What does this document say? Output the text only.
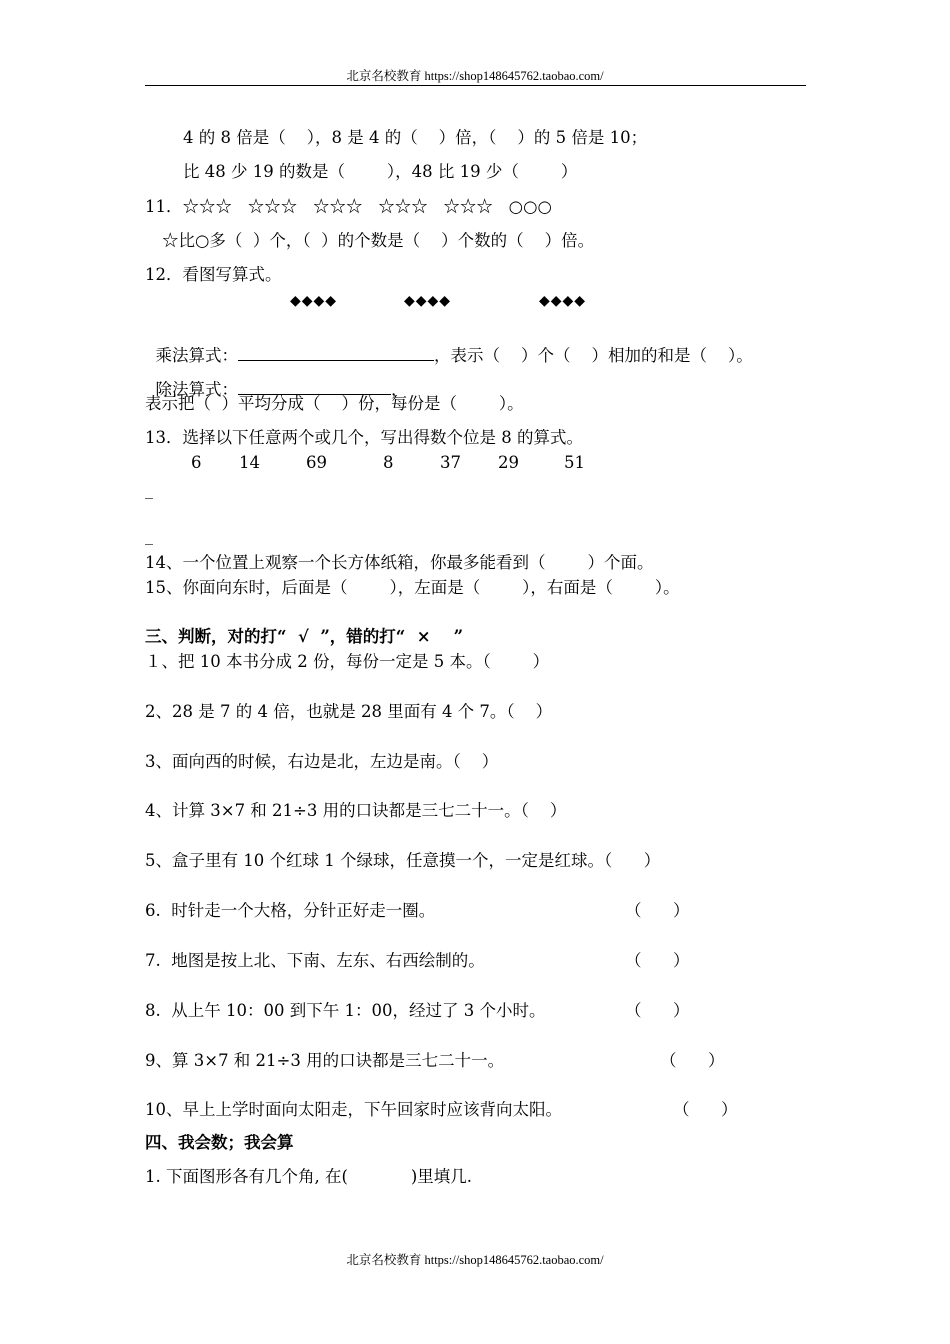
北京名校教育 https://shop148645762.taobao.com/
4 的 8 倍是（    ），8 是 4 的（    ）倍，（    ）的 5 倍是 10；
比 48 少 19 的数是（        ），48 比 19 少（        ）
11．☆☆☆   ☆☆☆   ☆☆☆   ☆☆☆   ☆☆☆   ○○○
☆比○多（  ）个，（  ）的个数是（    ）个数的（    ）倍。
12．看图写算式。
◆◆◆◆	◆◆◆◆	◆◆◆◆

乘法算式：	，表示（    ）个（    ）相加的和是（    ）。

除法算式：	，

表示把（  ）平均分成（    ）份，每份是（        ）。
13．选择以下任意两个或几个，写出得数个位是 8 的算式。
6 14	69	8	37 29	51
_
_
14、一个位置上观察一个长方体纸箱，你最多能看到（        ）个面。
15、你面向东时，后面是（        ），左面是（        ），右面是（        ）。
三、判断，对的打“  √  ”，错的打“  ×    ”
１、把 10 本书分成 2 份，每份一定是 5 本。（        ）
2、28 是 7 的 4 倍，也就是 28 里面有 4 个 7。（    ）
3、面向西的时候，右边是北，左边是南。（    ）
4、计算 3×7 和 21÷3 用的口诀都是三七二十一。（    ）
5、盒子里有 10 个红球 1 个绿球，任意摸一个，一定是红球。（      ）
6.  时针走一个大格，分针正好走一圈。	（      ）
7.  地图是按上北、下南、左东、右西绘制的。	（      ）
8.  从上午 10：00 到下午 1：00，经过了 3 个小时。	（      ）
9、算 3×7 和 21÷3 用的口诀都是三七二十一。	（      ）
10、早上上学时面向太阳走，下午回家时应该背向太阳。	（      ）
四、我会数；我会算
1. 下面图形各有几个角, 在(            )里填几.
北京名校教育 https://shop148645762.taobao.com/
